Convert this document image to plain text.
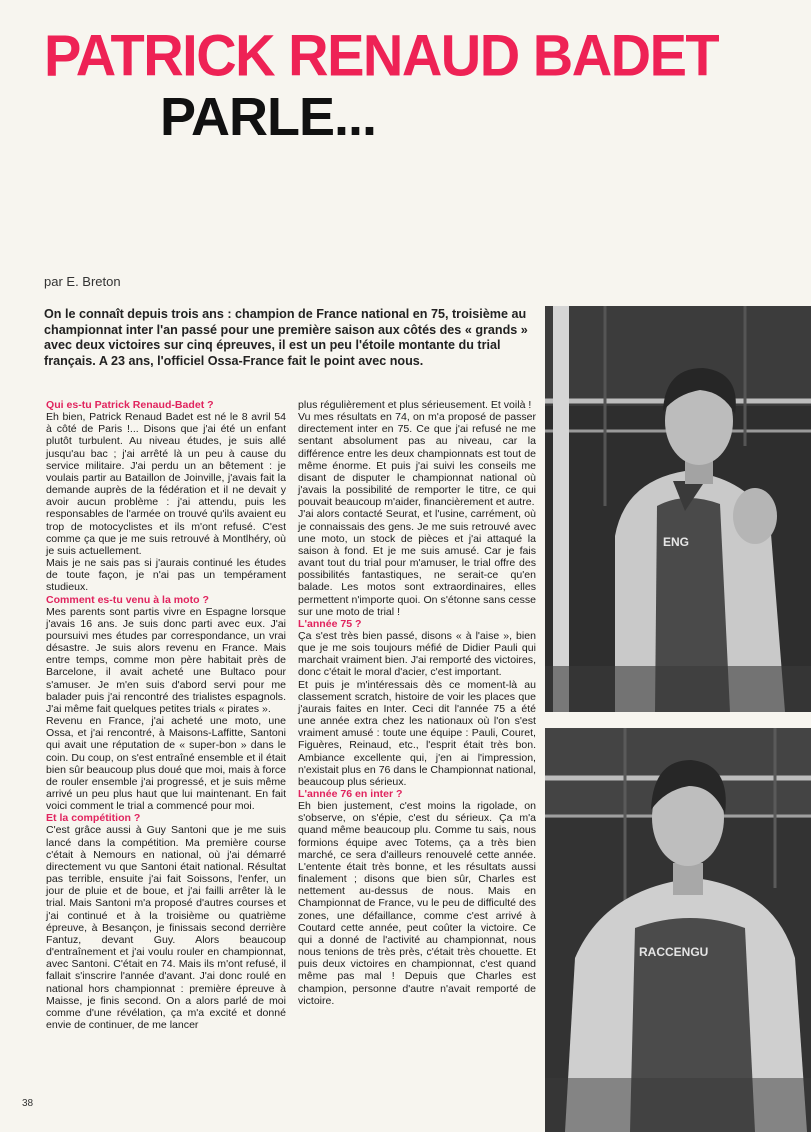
PATRICK RENAUD BADET
PARLE...
par E. Breton
On le connaît depuis trois ans : champion de France national en 75, troisième au championnat inter l'an passé pour une première saison aux côtés des « grands » avec deux victoires sur cinq épreuves, il est un peu l'étoile montante du trial français. A 23 ans, l'officiel Ossa-France fait le point avec nous.

Qui es-tu Patrick Renaud-Badet ?

Eh bien, Patrick Renaud Badet est né le 8 avril 54 à côté de Paris !... Disons que j'ai été un enfant plutôt turbulent. Au niveau études, je suis allé jusqu'au bac ; j'ai arrêté là un peu à cause du service militaire. J'ai perdu un an bêtement : je voulais partir au Bataillon de Joinville, j'avais fait la demande auprès de la fédération et il ne devait y avoir aucun problème : j'ai attendu, puis les responsables de l'armée on trouvé qu'ils avaient eu trop de motocyclistes et ils m'ont refusé. C'est comme ça que je me suis retrouvé à Montlhéry, où je suis actuellement.

Mais je ne sais pas si j'aurais continué les études de toute façon, je n'ai pas un tempérament studieux.

Comment es-tu venu à la moto ?

Mes parents sont partis vivre en Espagne lorsque j'avais 16 ans. Je suis donc parti avec eux. J'ai poursuivi mes études par correspondance, un vrai désastre. Je suis alors revenu en France. Mais entre temps, comme mon père habitait près de Barcelone, il avait acheté une Bultaco pour s'amuser. Je m'en suis d'abord servi pour me balader puis j'ai rencontré des trialistes espagnols. J'ai même fait quelques petites trials « pirates ».

Revenu en France, j'ai acheté une moto, une Ossa, et j'ai rencontré, à Maisons-Laffitte, Santoni qui avait une réputation de « super-bon » dans le coin. Du coup, on s'est entraîné ensemble et il était bien sûr beaucoup plus doué que moi, mais à force de rouler ensemble j'ai progressé, et je suis même arrivé un peu plus haut que lui maintenant. En fait voici comment le trial a commencé pour moi.

Et la compétition ?

C'est grâce aussi à Guy Santoni que je me suis lancé dans la compétition. Ma première course c'était à Nemours en national, où j'ai démarré directement vu que Santoni était national. Résultat pas terrible, ensuite j'ai fait Soissons, l'enfer, un jour de pluie et de boue, et j'ai failli arrêter là le trial. Mais Santoni m'a proposé d'autres courses et j'ai continué et à la troisième ou quatrième épreuve, à Besançon, je finissais second derrière Fantuz, devant Guy. Alors beaucoup d'entraînement et j'ai voulu rouler en championnat, avec Santoni. C'était en 74. Mais ils m'ont refusé, il fallait s'inscrire l'année d'avant. J'ai donc roulé en national hors championnat : première épreuve à Maisse, je finis second. On a alors parlé de moi comme d'une révélation, ça m'a excité et donné envie de continuer, de me lancer

plus régulièrement et plus sérieusement. Et voilà !

Vu mes résultats en 74, on m'a proposé de passer directement inter en 75. Ce que j'ai refusé ne me sentant absolument pas au niveau, car la différence entre les deux championnats est tout de même énorme. Et puis j'ai suivi les conseils me disant de disputer le championnat national où j'avais la possibilité de remporter le titre, ce qui pouvait beaucoup m'aider, financièrement et autre.

J'ai alors contacté Seurat, et l'usine, carrément, où je connaissais des gens. Je me suis retrouvé avec une moto, un stock de pièces et j'ai attaqué la saison à fond. Et je me suis amusé. Car je fais avant tout du trial pour m'amuser, le trial offre des possibilités fantastiques, ne serait-ce qu'en balade. Les motos sont extraordinaires, elles permettent n'importe quoi. On s'étonne sans cesse sur une moto de trial !

L'année 75 ?

Ça s'est très bien passé, disons « à l'aise », bien que je me sois toujours méfié de Didier Pauli qui marchait vraiment bien. J'ai remporté des victoires, donc c'était le moral d'acier, c'est important.

Et puis je m'intéressais dès ce moment-là au classement scratch, histoire de voir les places que j'aurais faites en Inter. Ceci dit l'année 75 a été une année extra chez les nationaux où l'on s'est vraiment amusé : toute une équipe : Pauli, Couret, Figuères, Reinaud, etc., l'esprit était très bon. Ambiance excellente qui, j'en ai l'impression, n'existait plus en 76 dans le Championnat national, beaucoup plus sérieux.

L'année 76 en inter ?

Eh bien justement, c'est moins la rigolade, on s'observe, on s'épie, c'est du sérieux. Ça m'a quand même beaucoup plu. Comme tu sais, nous formions équipe avec Totems, ça a très bien marché, ce sera d'ailleurs renouvelé cette année. L'entente était très bonne, et les résultats aussi finalement ; disons que bien sûr, Charles est nettement au-dessus de nous. Mais en Championnat de France, vu le peu de difficulté des zones, une défaillance, comme c'est arrivé à Coutard cette année, peut coûter la victoire. Ce qui a donné de l'activité au championnat, nous nous tenions de très près, c'était très chouette. Et puis deux victoires en championnat, c'est quand même pas mal ! Depuis que Charles est champion, personne d'autre n'avait remporté de victoire.

38
ENG
RACCENGU
